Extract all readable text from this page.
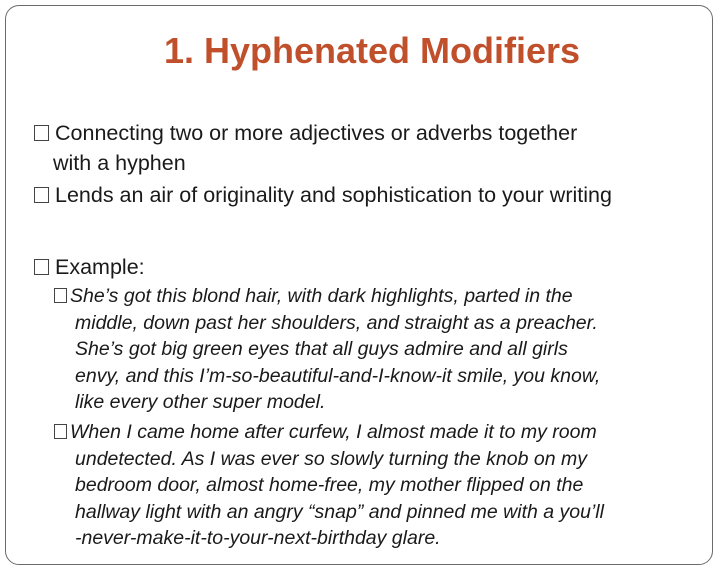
1. Hyphenated Modifiers
Connecting two or more adjectives or adverbs together
with a hyphen
Lends an air of originality and sophistication to your writing
Example:
She’s got this blond hair, with dark highlights, parted in the
middle, down past her shoulders, and straight as a preacher.
She’s got big green eyes that all guys admire and all girls
envy, and this I’m-so-beautiful-and-I-know-it smile, you know,
like every other super model.
When I came home after curfew, I almost made it to my room
undetected. As I was ever so slowly turning the knob on my
bedroom door, almost home-free, my mother flipped on the
hallway light with an angry “snap” and pinned me with a you’ll
-never-make-it-to-your-next-birthday glare.
